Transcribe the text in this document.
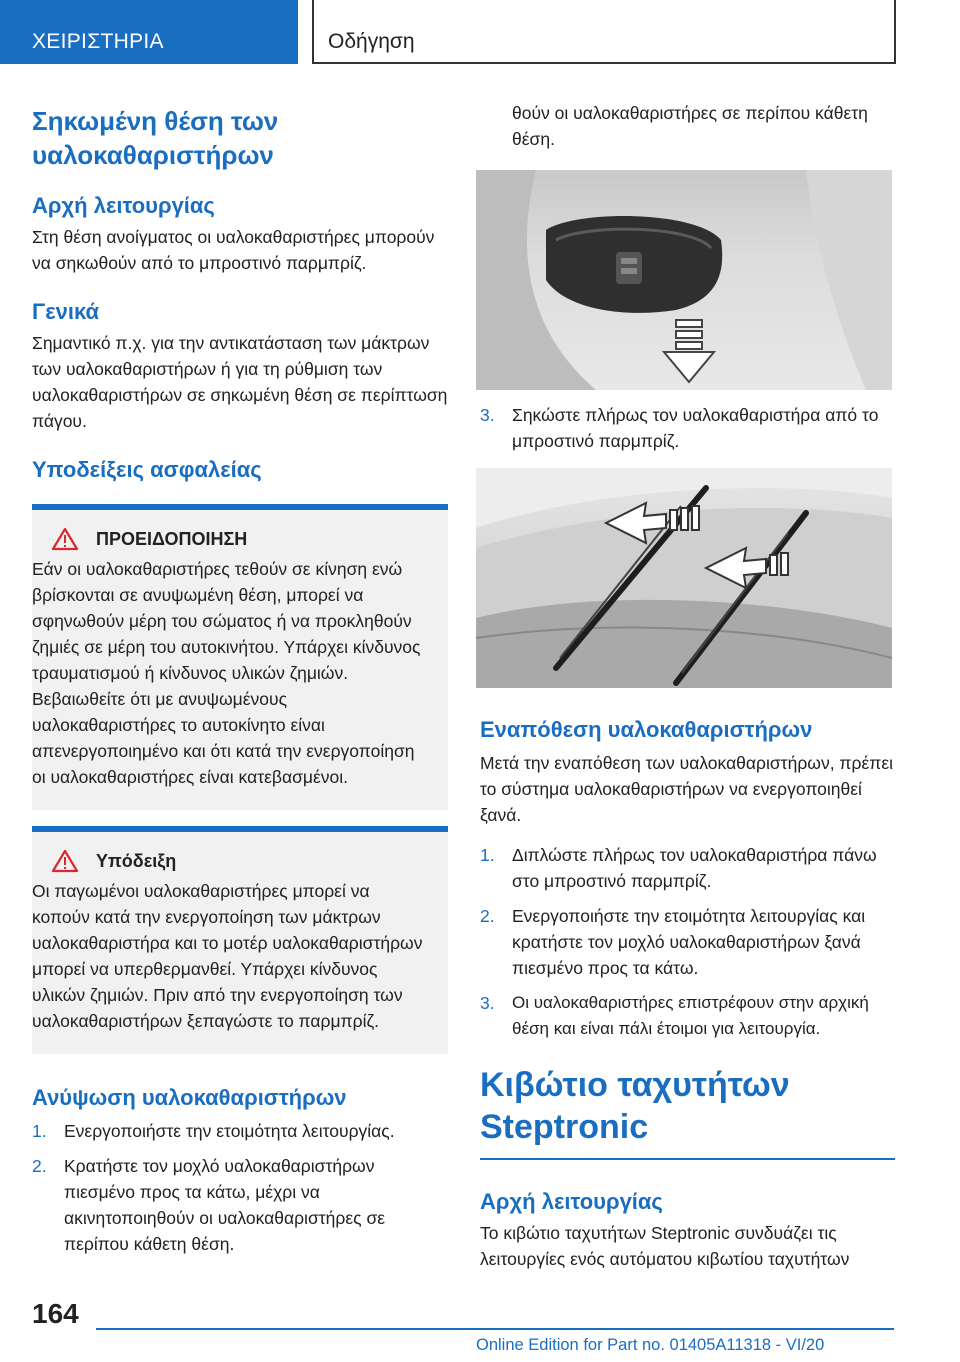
ΧΕΙΡΙΣΤΗΡΙΑ	Οδήγηση
Σηκωμένη θέση των υαλοκαθαριστήρων
Αρχή λειτουργίας

Στη θέση ανοίγματος οι υαλοκαθαριστήρες μπορούν να σηκωθούν από το μπροστινό παρμπρίζ.

Γενικά

Σημαντικό π.χ. για την αντικατάσταση των μάκτρων των υαλοκαθαριστήρων ή για τη ρύθμιση των υαλοκαθαριστήρων σε σηκωμένη θέση σε περίπτωση πάγου.

Υποδείξεις ασφαλείας
ΠΡΟΕΙΔΟΠΟΙΗΣΗ

Εάν οι υαλοκαθαριστήρες τεθούν σε κίνηση ενώ βρίσκονται σε ανυψωμένη θέση, μπορεί να σφηνωθούν μέρη του σώματος ή να προκληθούν ζημιές σε μέρη του αυτοκινήτου. Υπάρχει κίνδυνος τραυματισμού ή κίνδυνος υλικών ζημιών. Βεβαιωθείτε ότι με ανυψωμένους υαλοκαθαριστήρες το αυτοκίνητο είναι απενεργοποιημένο και ότι κατά την ενεργοποίηση οι υαλοκαθαριστήρες είναι κατεβασμένοι.

Υπόδειξη

Οι παγωμένοι υαλοκαθαριστήρες μπορεί να κοπούν κατά την ενεργοποίηση των μάκτρων υαλοκαθαριστήρα και το μοτέρ υαλοκαθαριστήρων μπορεί να υπερθερμανθεί. Υπάρχει κίνδυνος υλικών ζημιών. Πριν από την ενεργοποίηση των υαλοκαθαριστήρων ξεπαγώστε το παρμπρίζ.

Ανύψωση υαλοκαθαριστήρων
1. Ενεργοποιήστε την ετοιμότητα λειτουργίας.
2. Κρατήστε τον μοχλό υαλοκαθαριστήρων πιεσμένο προς τα κάτω, μέχρι να ακινητοποιηθούν οι υαλοκαθαριστήρες σε περίπου κάθετη θέση.

θούν οι υαλοκαθαριστήρες σε περίπου κάθετη θέση.

3. Σηκώστε πλήρως τον υαλοκαθαριστήρα από το μπροστινό παρμπρίζ.
Εναπόθεση υαλοκαθαριστήρων

Μετά την εναπόθεση των υαλοκαθαριστήρων, πρέπει το σύστημα υαλοκαθαριστήρων να ενεργοποιηθεί ξανά.

1. Διπλώστε πλήρως τον υαλοκαθαριστήρα πάνω στο μπροστινό παρμπρίζ.
2. Ενεργοποιήστε την ετοιμότητα λειτουργίας και κρατήστε τον μοχλό υαλοκαθαριστήρων ξανά πιεσμένο προς τα κάτω.
3.	Οι υαλοκαθαριστήρες επιστρέφουν στην αρχική θέση και είναι πάλι έτοιμοι για λειτουργία.
Κιβώτιο ταχυτήτων Steptronic
Αρχή λειτουργίας

Το κιβώτιο ταχυτήτων Steptronic συνδυάζει τις λειτουργίες ενός αυτόματου κιβωτίου ταχυτήτων

164
Online Edition for Part no. 01405A11318 - VI/20
